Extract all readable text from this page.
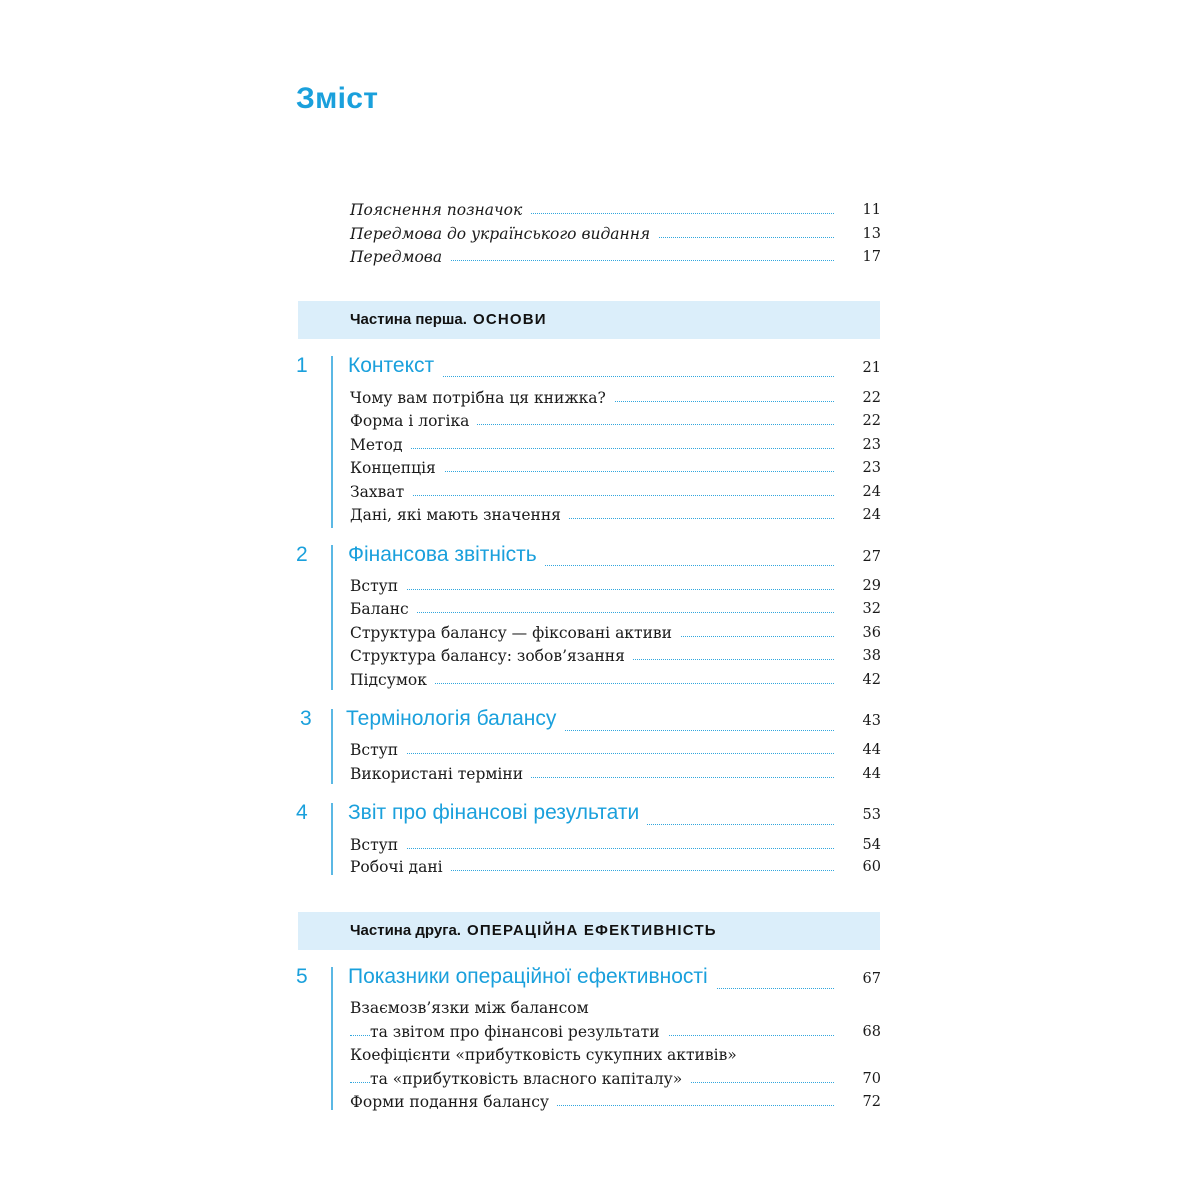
Зміст
Пояснення позначок	11
Передмова до українського видання	13
Передмова	17
Частина перша. ОСНОВИ
1 Контекст	21
Чому вам потрібна ця книжка?	22
Форма і логіка	22
Метод	23
Концепція	23
Захват	24
Дані, які мають значення	24
2 Фінансова звітність	27
Вступ	29
Баланс	32
Структура балансу — фіксовані активи	36
Структура балансу: зобов’язання	38
Підсумок	42
3 Термінологія балансу	43
Вступ	44
Використані терміни	44
4 Звіт про фінансові результати	53
Вступ	54
Робочі дані	60
Частина друга. ОПЕРАЦІЙНА ЕФЕКТИВНІСТЬ
5 Показники операційної ефективності	67
Взаємозв’язки між балансом
та звітом про фінансові результати	68
Коефіцієнти «прибутковість сукупних активів»
та «прибутковість власного капіталу»	70
Форми подання балансу	72
